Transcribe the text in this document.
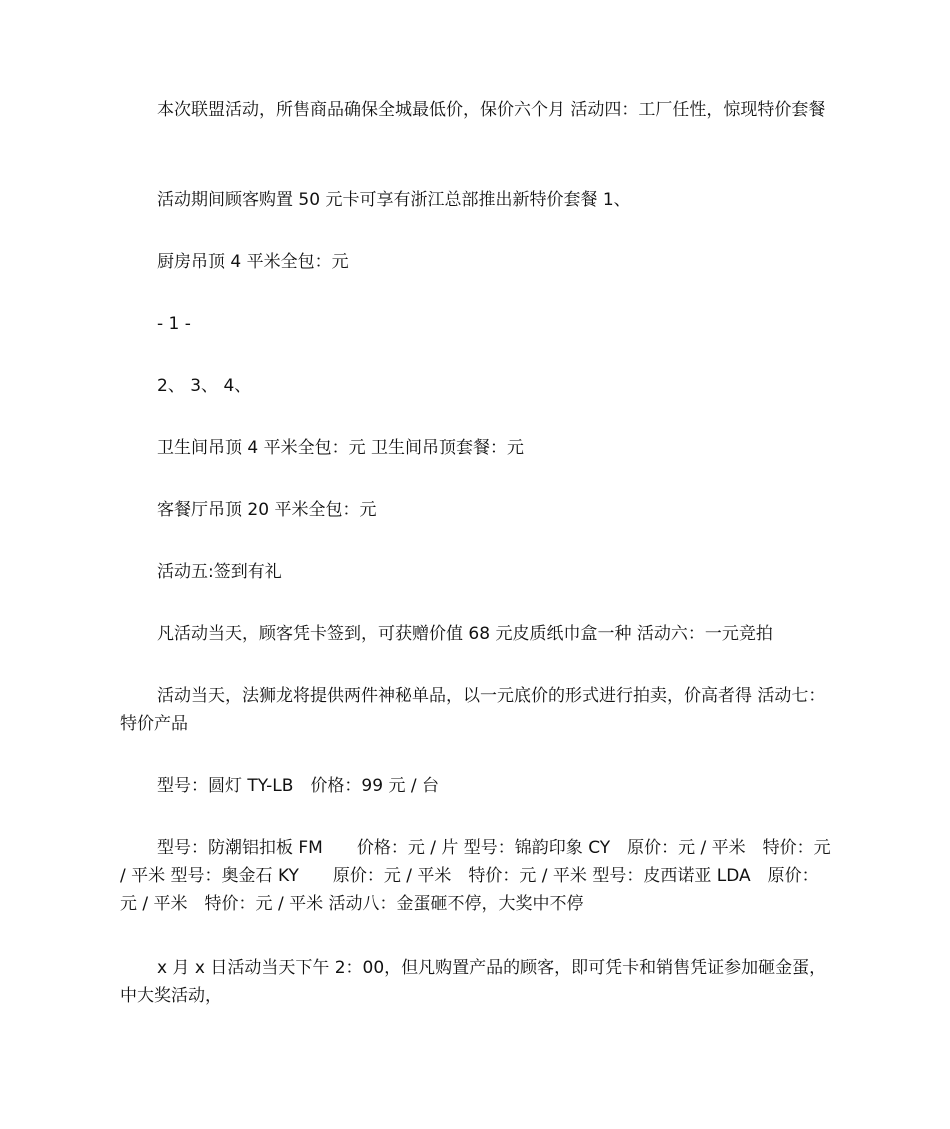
本次联盟活动，所售商品确保全城最低价，保价六个月 活动四：工厂任性，惊现特价套餐

活动期间顾客购置 50 元卡可享有浙江总部推出新特价套餐 1、

厨房吊顶 4 平米全包：元

- 1 -

2、 3、 4、

卫生间吊顶 4 平米全包：元 卫生间吊顶套餐：元

客餐厅吊顶 20 平米全包：元

活动五:签到有礼

凡活动当天，顾客凭卡签到，可获赠价值 68 元皮质纸巾盒一种 活动六：一元竞拍

活动当天，法狮龙将提供两件神秘单品，以一元底价的形式进行拍卖，价高者得 活动七：特价产品

型号：圆灯 TY-LB　价格：99 元 / 台

型号：防潮铝扣板 FM　　价格：元 / 片 型号：锦韵印象 CY　原价：元 / 平米　特价：元 / 平米 型号：奥金石 KY　　原价：元 / 平米　特价：元 / 平米 型号：皮西诺亚 LDA　原价：元 / 平米　特价：元 / 平米 活动八：金蛋砸不停，大奖中不停

x 月 x 日活动当天下午 2：00，但凡购置产品的顾客，即可凭卡和销售凭证参加砸金蛋，中大奖活动，
